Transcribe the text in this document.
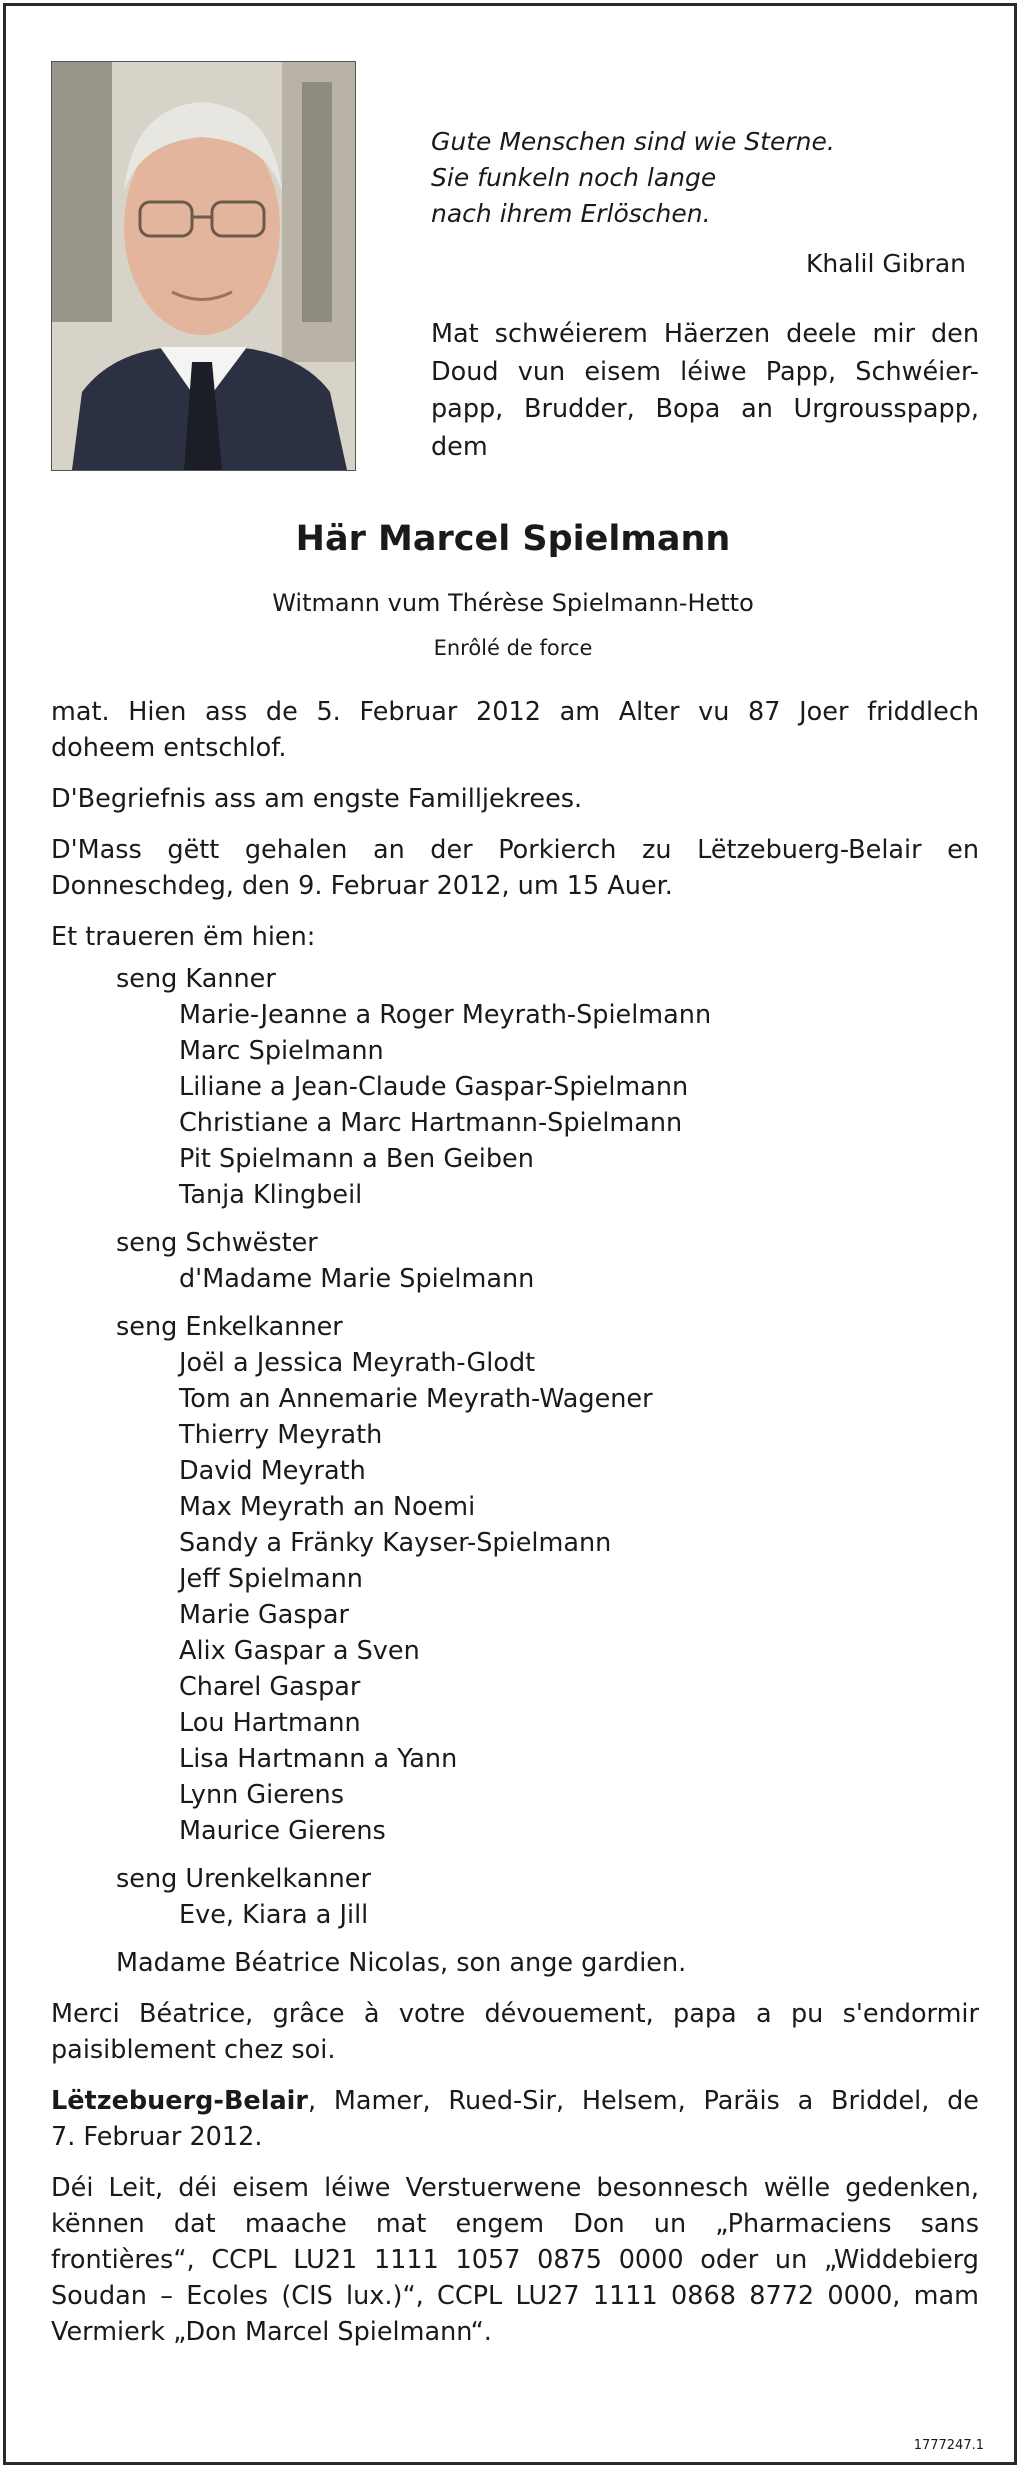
Gute Menschen sind wie Sterne.
Sie funkeln noch lange
nach ihrem Erlöschen.
Khalil Gibran
Mat schwéierem Häerzen deele mir den
Doud vun eisem léiwe Papp, Schwéier-
papp, Brudder, Bopa an Urgrousspapp,
dem
Här Marcel Spielmann
Witmann vum Thérèse Spielmann-Hetto
Enrôlé de force

mat. Hien ass de 5. Februar 2012 am Alter vu 87 Joer friddlech
doheem entschlof.

D'Begriefnis ass am engste Familljekrees.

D'Mass gëtt gehalen an der Porkierch zu Lëtzebuerg-Belair en
Donneschdeg, den 9. Februar 2012, um 15 Auer.

Et traueren ëm hien:

seng Kanner
Marie-Jeanne a Roger Meyrath-Spielmann
Marc Spielmann
Liliane a Jean-Claude Gaspar-Spielmann
Christiane a Marc Hartmann-Spielmann
Pit Spielmann a Ben Geiben
Tanja Klingbeil
seng Schwëster
d'Madame Marie Spielmann
seng Enkelkanner
Joël a Jessica Meyrath-Glodt
Tom an Annemarie Meyrath-Wagener
Thierry Meyrath
David Meyrath
Max Meyrath an Noemi
Sandy a Fränky Kayser-Spielmann
Jeff Spielmann
Marie Gaspar
Alix Gaspar a Sven
Charel Gaspar
Lou Hartmann
Lisa Hartmann a Yann
Lynn Gierens
Maurice Gierens
seng Urenkelkanner
Eve, Kiara a Jill
Madame Béatrice Nicolas, son ange gardien.

Merci Béatrice, grâce à votre dévouement, papa a pu s'endormir
paisiblement chez soi.

Lëtzebuerg-Belair, Mamer, Rued-Sir, Helsem, Paräis a Briddel, de
7. Februar 2012.

Déi Leit, déi eisem léiwe Verstuerwene besonnesch wëlle gedenken,
kënnen dat maache mat engem Don un „Pharmaciens sans
frontières“, CCPL LU21 1111 1057 0875 0000 oder un „Widdebierg
Soudan – Ecoles (CIS lux.)“, CCPL LU27 1111 0868 8772 0000, mam
Vermierk „Don Marcel Spielmann“.

1777247.1
